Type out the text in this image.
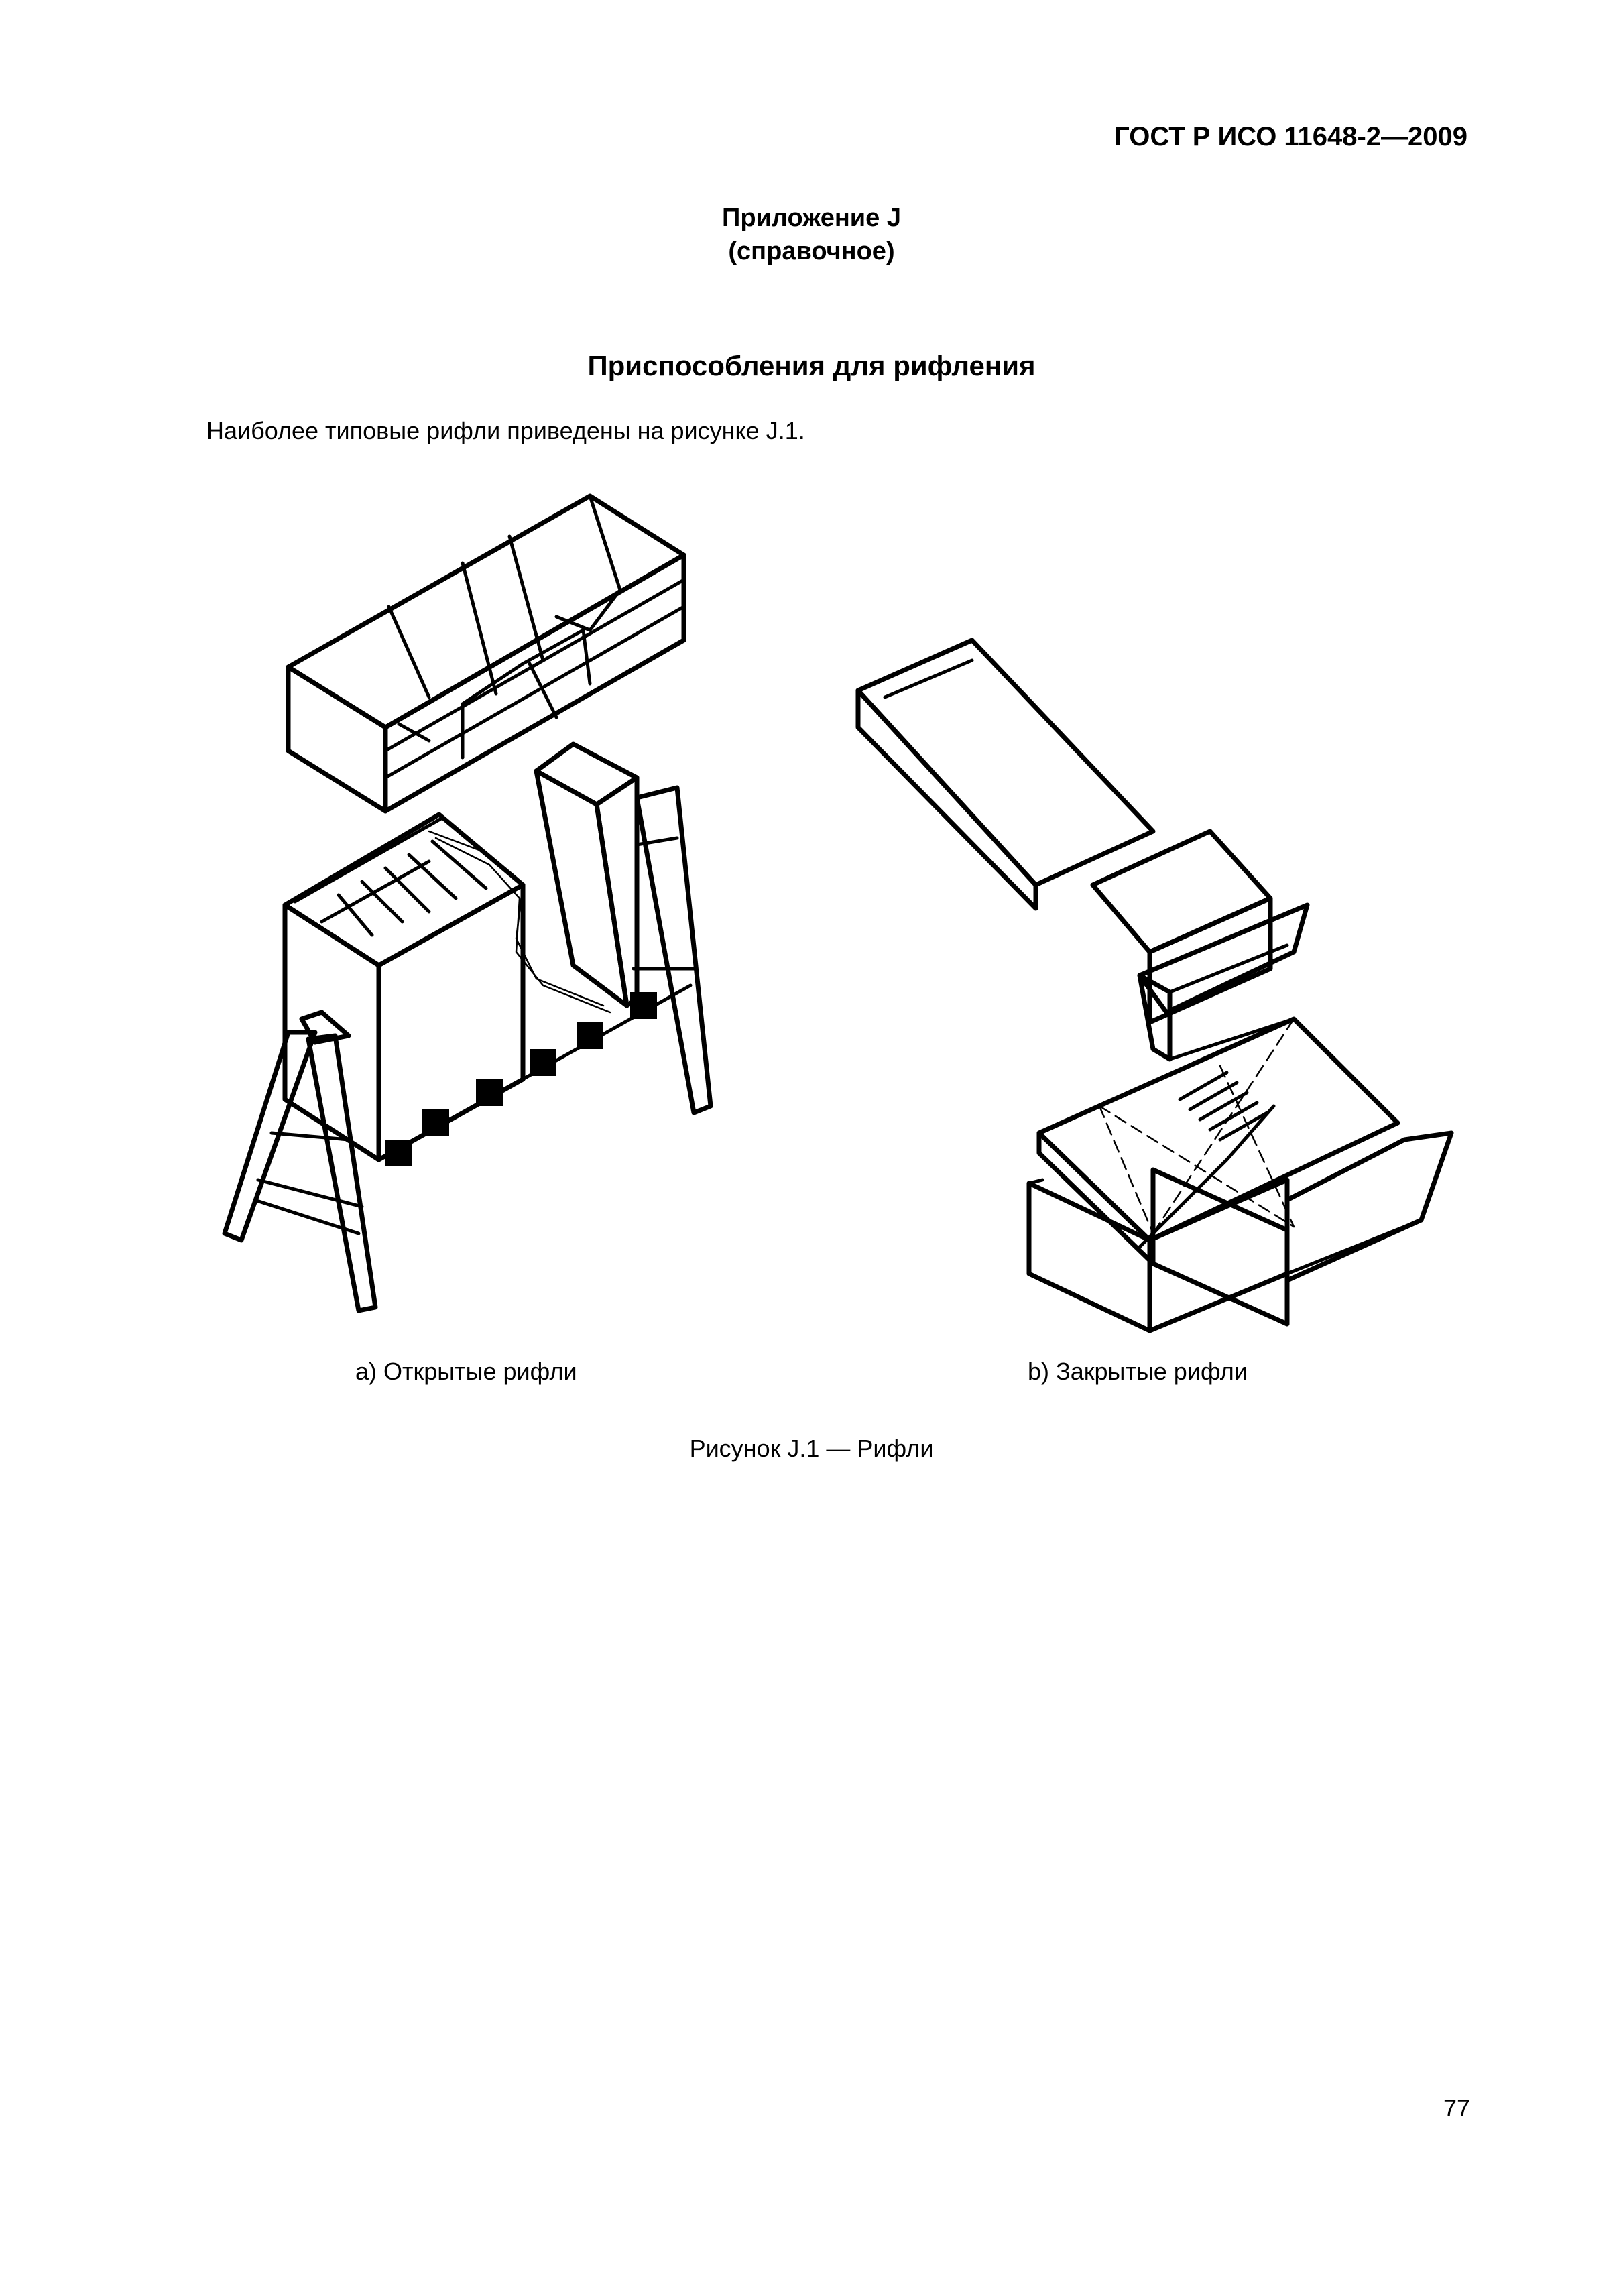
ГОСТ Р ИСО 11648-2—2009
Приложение J
(справочное)
Приспособления для рифления
Наиболее типовые рифли приведены на рисунке J.1.
а) Открытые рифли	b) Закрытые рифли
Рисунок J.1 — Рифли
77
